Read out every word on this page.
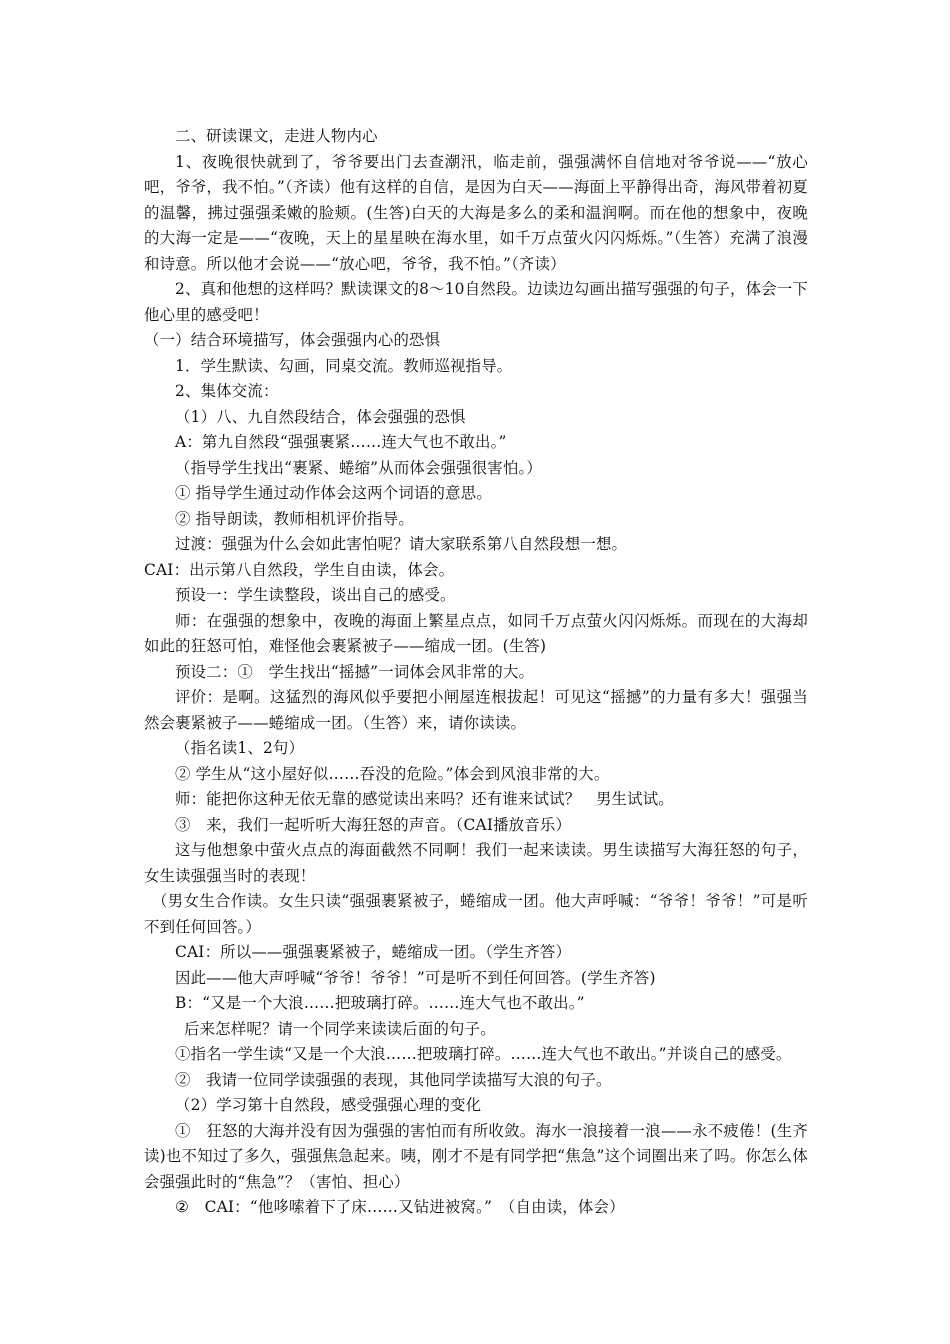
二、研读课文，走进人物内心

1、夜晚很快就到了，爷爷要出门去查潮汛，临走前，强强满怀自信地对爷爷说——“放心吧，爷爷，我不怕。”（齐读）他有这样的自信，是因为白天——海面上平静得出奇，海风带着初夏的温馨，拂过强强柔嫩的脸颊。(生答)白天的大海是多么的柔和温润啊。而在他的想象中，夜晚的大海一定是——“夜晚，天上的星星映在海水里，如千万点萤火闪闪烁烁。”（生答）充满了浪漫和诗意。所以他才会说——“放心吧，爷爷，我不怕。”（齐读）

2、真和他想的这样吗？默读课文的8～10自然段。边读边勾画出描写强强的句子，体会一下他心里的感受吧！

（一）结合环境描写，体会强强内心的恐惧

1．学生默读、勾画，同桌交流。教师巡视指导。

2、集体交流：

（1）八、九自然段结合，体会强强的恐惧

A：第九自然段“强强裹紧……连大气也不敢出。”

（指导学生找出“裹紧、蜷缩”从而体会强强很害怕。）

① 指导学生通过动作体会这两个词语的意思。

② 指导朗读，教师相机评价指导。

过渡：强强为什么会如此害怕呢？请大家联系第八自然段想一想。

CAI：出示第八自然段，学生自由读，体会。

预设一：学生读整段，谈出自己的感受。

师：在强强的想象中，夜晚的海面上繁星点点，如同千万点萤火闪闪烁烁。而现在的大海却如此的狂怒可怕，难怪他会裹紧被子——缩成一团。(生答)

预设二：①　学生找出“摇撼”一词体会风非常的大。

评价：是啊。这猛烈的海风似乎要把小闸屋连根拔起！可见这“摇撼”的力量有多大！强强当然会裹紧被子——蜷缩成一团。（生答）来，请你读读。

（指名读1、2句）

② 学生从“这小屋好似……吞没的危险。”体会到风浪非常的大。

师：能把你这种无依无靠的感觉读出来吗？还有谁来试试？　男生试试。

③　来，我们一起听听大海狂怒的声音。（CAI播放音乐）

这与他想象中萤火点点的海面截然不同啊！我们一起来读读。男生读描写大海狂怒的句子，女生读强强当时的表现！

（男女生合作读。女生只读“强强裹紧被子，蜷缩成一团。他大声呼喊：“爷爷！爷爷！”可是听不到任何回答。）

CAI：所以——强强裹紧被子，蜷缩成一团。（学生齐答）

因此——他大声呼喊“爷爷！爷爷！”可是听不到任何回答。(学生齐答)

B：“又是一个大浪……把玻璃打碎。……连大气也不敢出。”

后来怎样呢？请一个同学来读读后面的句子。

①指名一学生读“又是一个大浪……把玻璃打碎。……连大气也不敢出。”并谈自己的感受。

②　我请一位同学读强强的表现，其他同学读描写大浪的句子。

（2）学习第十自然段，感受强强心理的变化

①　狂怒的大海并没有因为强强的害怕而有所收敛。海水一浪接着一浪——永不疲倦！(生齐读)也不知过了多久，强强焦急起来。咦，刚才不是有同学把“焦急”这个词圈出来了吗。你怎么体会强强此时的“焦急”？（害怕、担心）

②　CAI：“他哆嗦着下了床……又钻进被窝。”　（自由读，体会）
